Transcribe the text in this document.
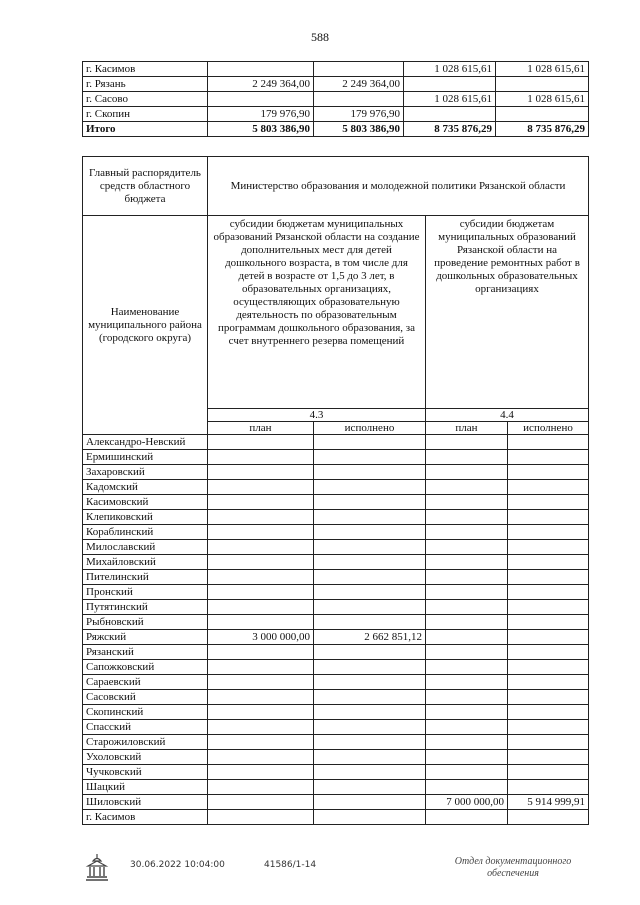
588
г. Касимов			1 028 615,61	1 028 615,61
г. Рязань	2 249 364,00	2 249 364,00		
г. Сасово			1 028 615,61	1 028 615,61
г. Скопин	179 976,90	179 976,90		
Итого	5 803 386,90	5 803 386,90	8 735 876,29	8 735 876,29
Главный распорядитель средств областного бюджета	Министерство образования и молодежной политики Рязанской области			
Наименование муниципального района (городского округа)	субсидии бюджетам муниципальных образований Рязанской области на создание дополнительных мест для детей дошкольного возраста, в том числе для детей в возрасте от 1,5 до 3 лет, в образовательных организациях, осуществляющих образовательную деятельность по образовательным программам дошкольного образования, за счет внутреннего резерва помещений		субсидии бюджетам муниципальных образований Рязанской области на проведение ремонтных работ в дошкольных образовательных организациях	
	4.3		4.4	
	план	исполнено	план	исполнено
Александро-Невский				
Ермишинский				
Захаровский				
Кадомский				
Касимовский				
Клепиковский				
Кораблинский				
Милославский				
Михайловский				
Пителинский				
Пронский				
Путятинский				
Рыбновский				
Ряжский	3 000 000,00	2 662 851,12		
Рязанский				
Сапожковский				
Сараевский				
Сасовский				
Скопинский				
Спасский				
Старожиловский				
Ухоловский				
Чучковский				
Шацкий				
Шиловский			7 000 000,00	5 914 999,91
г. Касимов				
30.06.2022 10:04:00	41586/1-14	Отдел документационного
обеспечения
